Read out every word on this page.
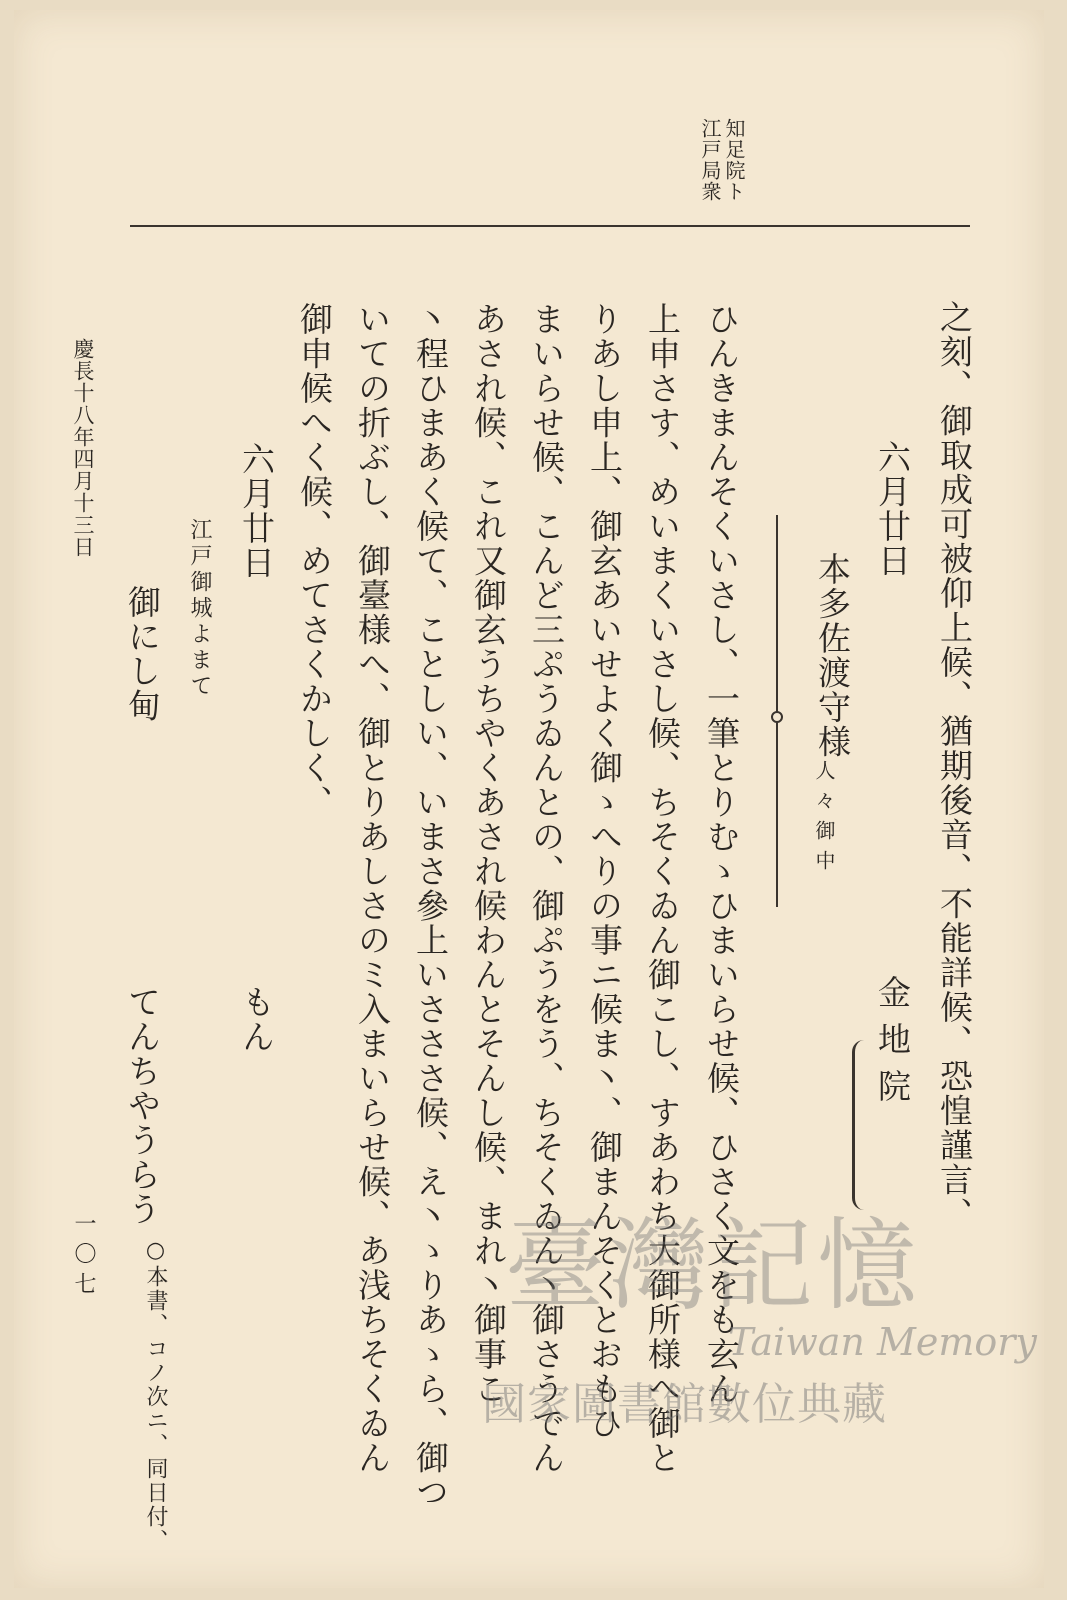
知足院ト
江戸局衆
之刻、御取成可被仰上候、猶期後音、不能詳候、恐惶謹言、
六月廿日
金地院
本多佐渡守様
人々御中
ひんきまんそくいさし、一筆とりむゝひまいらせ候、ひさく文をも玄ん
上申さす、めいまくいさし候、ちそくゐん御こし、すあわち大御所様へ御と
りあし申上、御玄あいせよく御ゝへりの事ニ候ま丶、御まんそくとおもひ
まいらせ候、こんど三ぷうゐんとの、御ぷうをう、ちそくゐん丶御さうでん
あされ候、これ又御玄うちやくあされ候わんとそんし候、まれ丶御事こ
丶程ひまあく候て、ことしい、いまさ參上いさささ候、え丶ゝりあゝら、御つ
いての折ぶし、御臺様へ、御とりあしさのミ入まいらせ候、あ浅ちそくゐん
御申候へく候、めてさくかしく、
六月廿日
もん
江戸御城よまて
御にし甸
てんちやうらう
○本書、コノ次ニ、同日付、
慶長十八年四月十三日
一〇七	臺灣記憶
Taiwan Memory
國家圖書館數位典藏
